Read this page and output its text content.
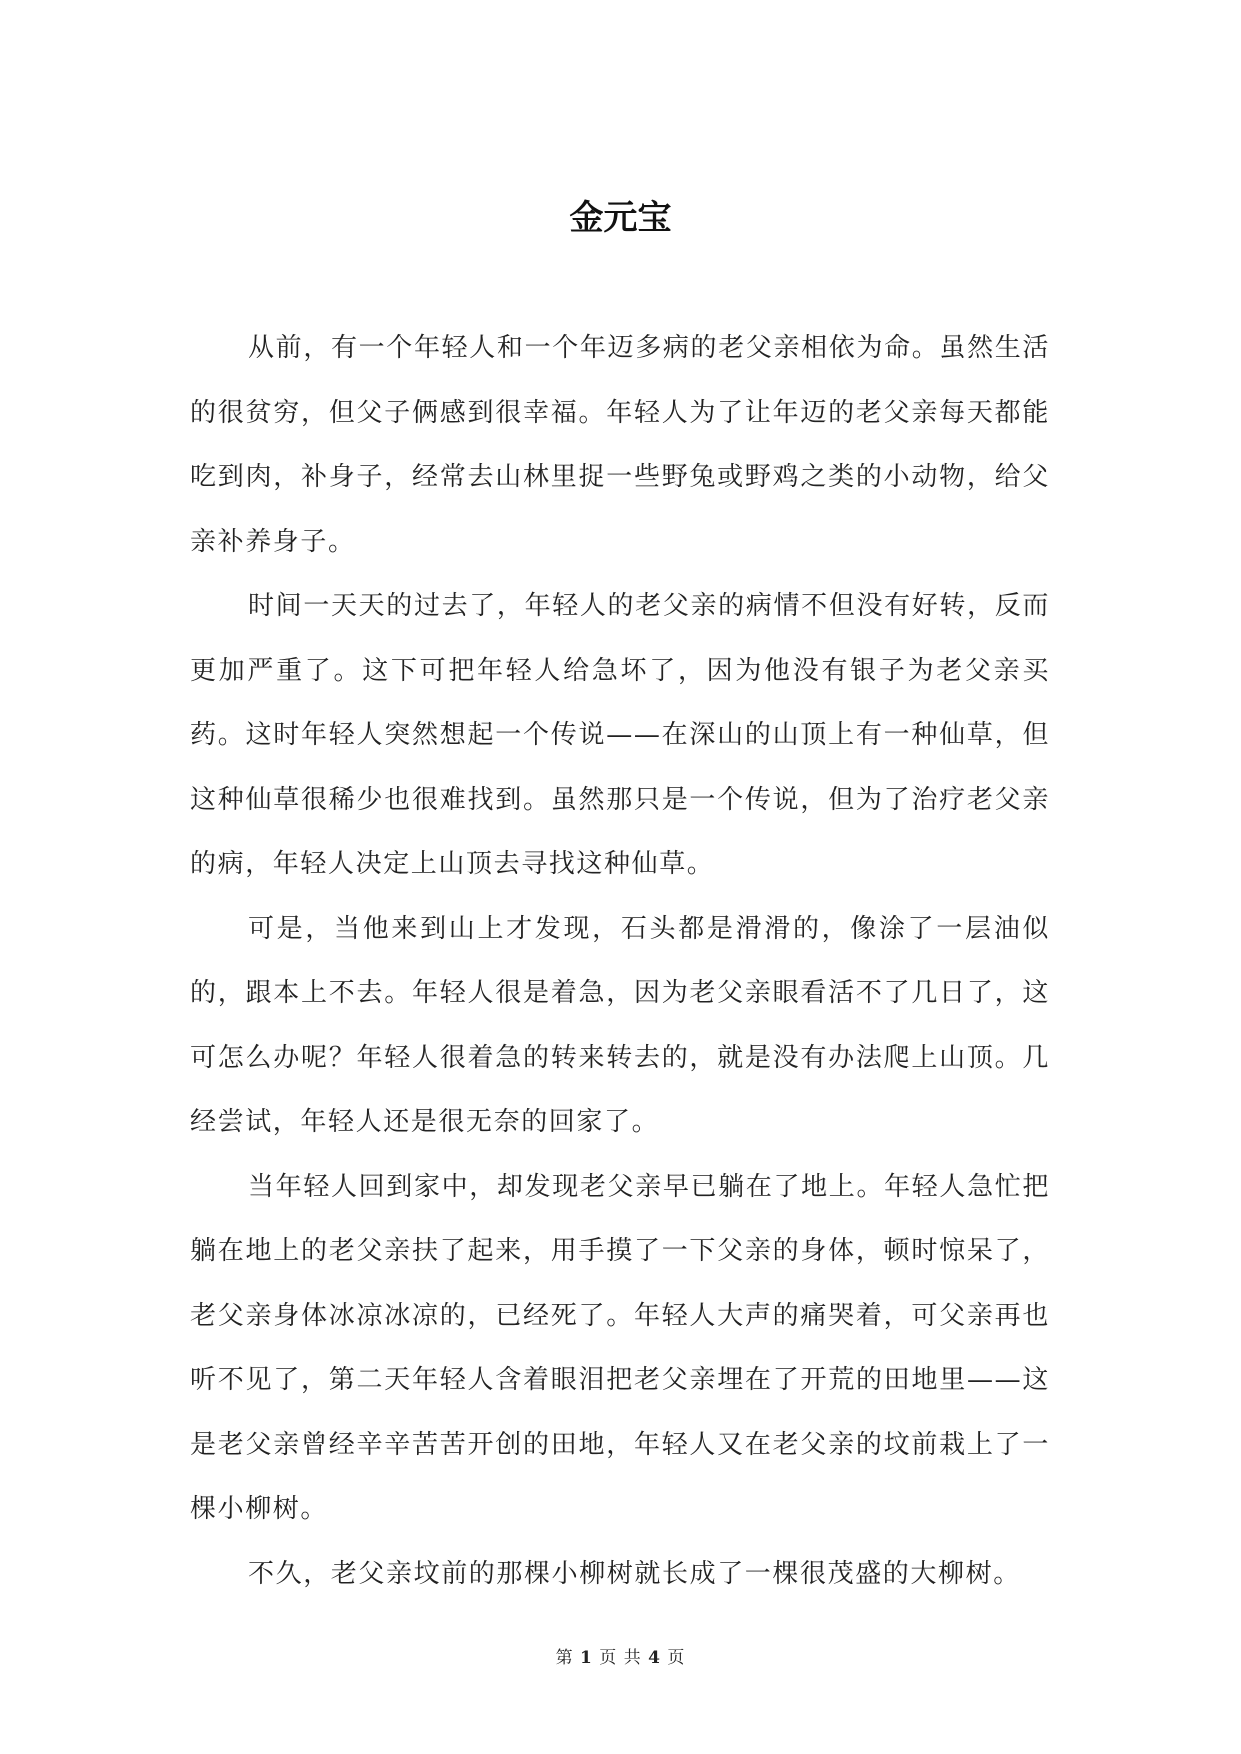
金元宝

从前，有一个年轻人和一个年迈多病的老父亲相依为命。虽然生活的很贫穷，但父子俩感到很幸福。年轻人为了让年迈的老父亲每天都能吃到肉，补身子，经常去山林里捉一些野兔或野鸡之类的小动物，给父亲补养身子。

时间一天天的过去了，年轻人的老父亲的病情不但没有好转，反而更加严重了。这下可把年轻人给急坏了，因为他没有银子为老父亲买药。这时年轻人突然想起一个传说——在深山的山顶上有一种仙草，但这种仙草很稀少也很难找到。虽然那只是一个传说，但为了治疗老父亲的病，年轻人决定上山顶去寻找这种仙草。

可是，当他来到山上才发现，石头都是滑滑的，像涂了一层油似的，跟本上不去。年轻人很是着急，因为老父亲眼看活不了几日了，这可怎么办呢？年轻人很着急的转来转去的，就是没有办法爬上山顶。几经尝试，年轻人还是很无奈的回家了。

当年轻人回到家中，却发现老父亲早已躺在了地上。年轻人急忙把躺在地上的老父亲扶了起来，用手摸了一下父亲的身体，顿时惊呆了，老父亲身体冰凉冰凉的，已经死了。年轻人大声的痛哭着，可父亲再也听不见了，第二天年轻人含着眼泪把老父亲埋在了开荒的田地里——这是老父亲曾经辛辛苦苦开创的田地，年轻人又在老父亲的坟前栽上了一棵小柳树。

不久，老父亲坟前的那棵小柳树就长成了一棵很茂盛的大柳树。

第 1 页 共 4 页
